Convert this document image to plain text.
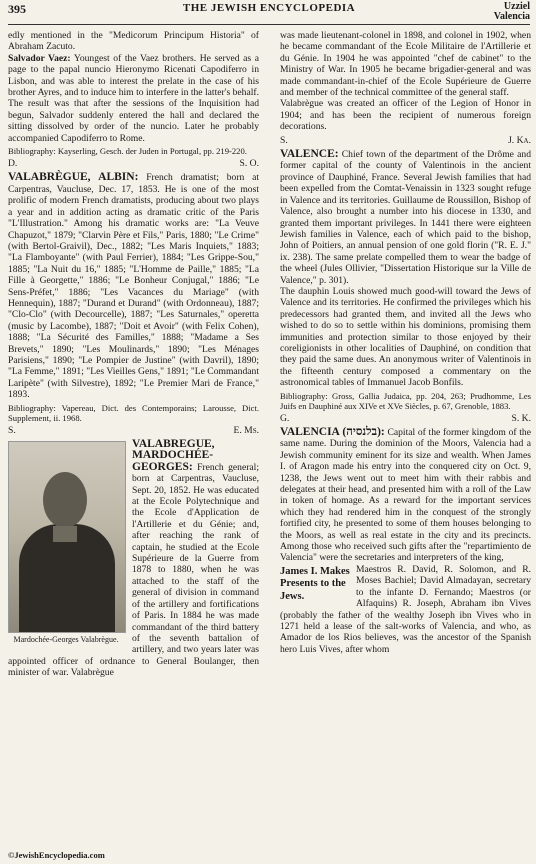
395	THE JEWISH ENCYCLOPEDIA	Uzziel
Valencia

edly mentioned in the "Medicorum Principum Historia" of Abraham Zacuto.

Salvador Vaez: Youngest of the Vaez brothers. He served as a page to the papal nuncio Hieronymo Ricenati Capodiferro in Lisbon, and was able to interest the prelate in the case of his brother Ayres, and to induce him to interfere in the latter's behalf. The result was that after the sessions of the Inquisition had begun, Salvador suddenly entered the hall and declared the sitting dissolved by order of the nuncio. Later he probably accompanied Capodiferro to Rome.

Bibliography: Kayserling, Gesch. der Juden in Portugal, pp. 219-220.

D.	S. O.

VALABRÈGUE, ALBIN: French dramatist; born at Carpentras, Vaucluse, Dec. 17, 1853. He is one of the most prolific of modern French dramatists, producing about two plays a year and in addition acting as dramatic critic of the Paris "L'Illustration." Among his dramatic works are: "La Veuve Chapuzot," 1879; "Clarvin Père et Fils," Paris, 1880; "Le Crime" (with Bertol-Graivil), Dec., 1882; "Les Maris Inquiets," 1883; "La Flamboyante" (with Paul Ferrier), 1884; "Les Grippe-Sou," 1885; "La Nuit du 16," 1885; "L'Homme de Paille," 1885; "La Fille à Georgette," 1886; "Le Bonheur Conjugal," 1886; "Le Sens-Préfet," 1886; "Les Vacances du Mariage" (with Hennequin), 1887; "Durand et Durand" (with Ordonneau), 1887; "Clo-Clo" (with Decourcelle), 1887; "Les Saturnales," operetta (music by Lacombe), 1887; "Doit et Avoir" (with Felix Cohen), 1888; "La Sécurité des Familles," 1888; "Madame a Ses Brevets," 1890; "Les Moulinards," 1890; "Les Ménages Parisiens," 1890; "Le Pompier de Justine" (with Davril), 1890; "La Femme," 1891; "Les Vieilles Gens," 1891; "Le Commandant Laripète" (with Silvestre), 1892; "Le Premier Mari de France," 1893.

Bibliography: Vapereau, Dict. des Contemporains; Larousse, Dict. Supplement, ii. 1968.

S.	E. Ms.
Mardochée-Georges Valabrègue.

VALABRÈGUE, MARDOCHÉE-GEORGES: French general; born at Carpentras, Vaucluse, Sept. 20, 1852. He was educated at the Ecole Polytechnique and the Ecole d'Application de l'Artillerie et du Génie; and, after reaching the rank of captain, he studied at the Ecole Supérieure de la Guerre from 1878 to 1880, when he was attached to the staff of the general of division in command of the artillery and fortifications of Paris. In 1884 he was made commandant of the third battery of the seventh battalion of artillery, and two years later was appointed officer of ordnance to General Boulanger, then minister of war. Valabrègue

was made lieutenant-colonel in 1898, and colonel in 1902, when he became commandant of the Ecole Militaire de l'Artillerie et du Génie. In 1904 he was appointed "chef de cabinet" to the Ministry of War. In 1905 he became brigadier-general and was made commandant-in-chief of the Ecole Supérieure de Guerre and member of the technical committee of the general staff.

Valabrègue was created an officer of the Legion of Honor in 1904; and has been the recipient of numerous foreign decorations.

S.	J. Ka.

VALENCE: Chief town of the department of the Drôme and former capital of the county of Valentinois in the ancient province of Dauphiné, France. Several Jewish families that had been expelled from the Comtat-Venaissin in 1323 sought refuge in Valence and its territories. Guillaume de Roussillon, Bishop of Valence, also brought a number into his diocese in 1330, and granted them important privileges. In 1441 there were eighteen Jewish families in Valence, each of which paid to the bishop, John of Poitiers, an annual pension of one gold florin ("R. E. J." ix. 238). The same prelate compelled them to wear the badge of the wheel (Jules Ollivier, "Dissertation Historique sur la Ville de Valence," p. 301).

The dauphin Louis showed much good-will toward the Jews of Valence and its territories. He confirmed the privileges which his predecessors had granted them, and invited all the Jews who wished to do so to settle within his dominions, promising them immunities and protection similar to those enjoyed by their coreligionists in other localities of Dauphiné, on condition that they paid the same dues. An anonymous writer of Valentinois in the fifteenth century composed a commentary on the astronomical tables of Immanuel Jacob Bonfils.

Bibliography: Gross, Gallia Judaica, pp. 204, 263; Prudhomme, Les Juifs en Dauphiné aux XIVe et XVe Siècles, p. 67, Grenoble, 1883.

G.	S. K.

VALENCIA (בלנסיה): Capital of the former kingdom of the same name. During the dominion of the Moors, Valencia had a Jewish community eminent for its size and wealth. When James I. of Aragon made his entry into the conquered city on Oct. 9, 1238, the Jews went out to meet him with their rabbis and delegates at their head, and presented him with a roll of the Law in token of homage. As a reward for the important services which they had rendered him in the conquest of the strongly fortified city, he presented to some of them houses belonging to the Moors, as well as real estate in the city and its precincts. Among those who received such gifts after the "repartimiento de Valencia" were the secretaries and interpreters of the king,

James I. Makes Presents to the Jews.

Maestros R. David, R. Solomon, and R. Moses Bachiel; David Almadayan, secretary to the infante D. Fernando; Maestros (or Alfaquins) R. Joseph, Abraham ibn Vives (probably the father of the wealthy Joseph ibn Vives who in 1271 held a lease of the salt-works of Valencia, and who, as Amador de los Rios believes, was the ancestor of the Spanish hero Luis Vives, after whom

©JewishEncyclopedia.com
